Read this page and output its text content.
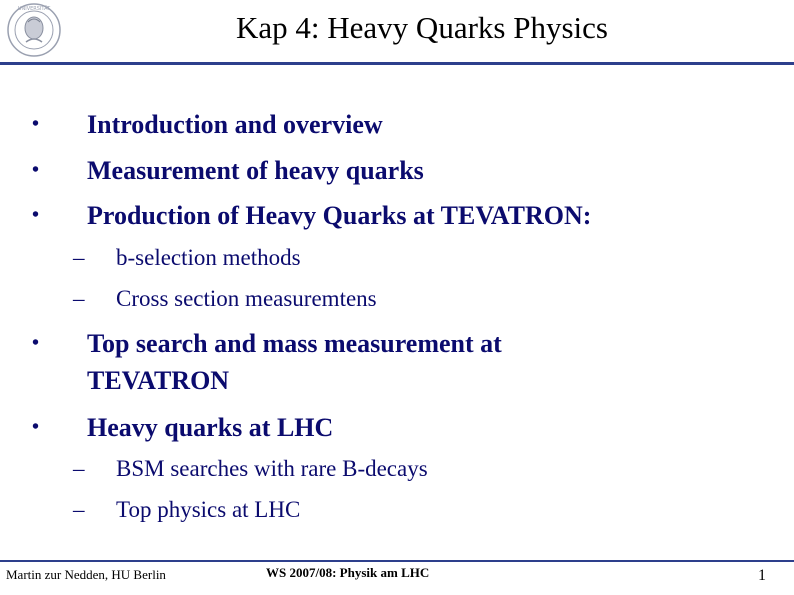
UNIVERSITÄT
Kap 4: Heavy Quarks Physics
• Introduction and overview
• Measurement of heavy quarks
• Production of Heavy Quarks at TEVATRON:
– b-selection methods
– Cross section measuremtens
• Top search and mass measurement at
TEVATRON
• Heavy quarks at LHC
– BSM searches with rare B-decays
– Top physics at LHC
Martin zur Nedden, HU Berlin	WS 2007/08: Physik am LHC	1
